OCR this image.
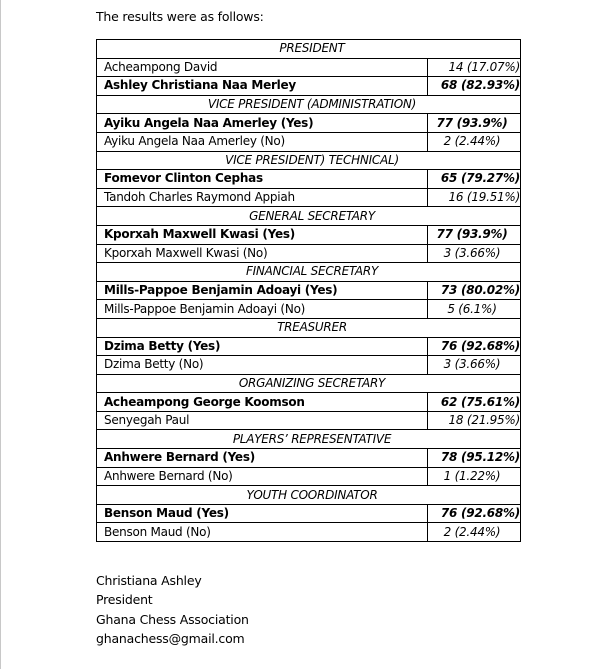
The results were as follows:

PRESIDENT	
Acheampong David	14 (17.07%)
Ashley Christiana Naa Merley	68 (82.93%)
VICE PRESIDENT (ADMINISTRATION)	
Ayiku Angela Naa Amerley (Yes)	77 (93.9%)
Ayiku Angela Naa Amerley (No)	2 (2.44%)
VICE PRESIDENT) TECHNICAL)	
Fomevor Clinton Cephas	65 (79.27%)
Tandoh Charles Raymond Appiah	16 (19.51%)
GENERAL SECRETARY	
Kporxah Maxwell Kwasi (Yes)	77 (93.9%)
Kporxah Maxwell Kwasi (No)	3 (3.66%)
FINANCIAL SECRETARY	
Mills-Pappoe Benjamin Adoayi (Yes)	73 (80.02%)
Mills-Pappoe Benjamin Adoayi (No)	5 (6.1%)
TREASURER	
Dzima Betty (Yes)	76 (92.68%)
Dzima Betty (No)	3 (3.66%)
ORGANIZING SECRETARY	
Acheampong George Koomson	62 (75.61%)
Senyegah Paul	18 (21.95%)
PLAYERS’ REPRESENTATIVE	
Anhwere Bernard (Yes)	78 (95.12%)
Anhwere Bernard (No)	1 (1.22%)
YOUTH COORDINATOR	
Benson Maud (Yes)	76 (92.68%)
Benson Maud (No)	2 (2.44%)
Christiana Ashley
President
Ghana Chess Association
ghanachess@gmail.com
